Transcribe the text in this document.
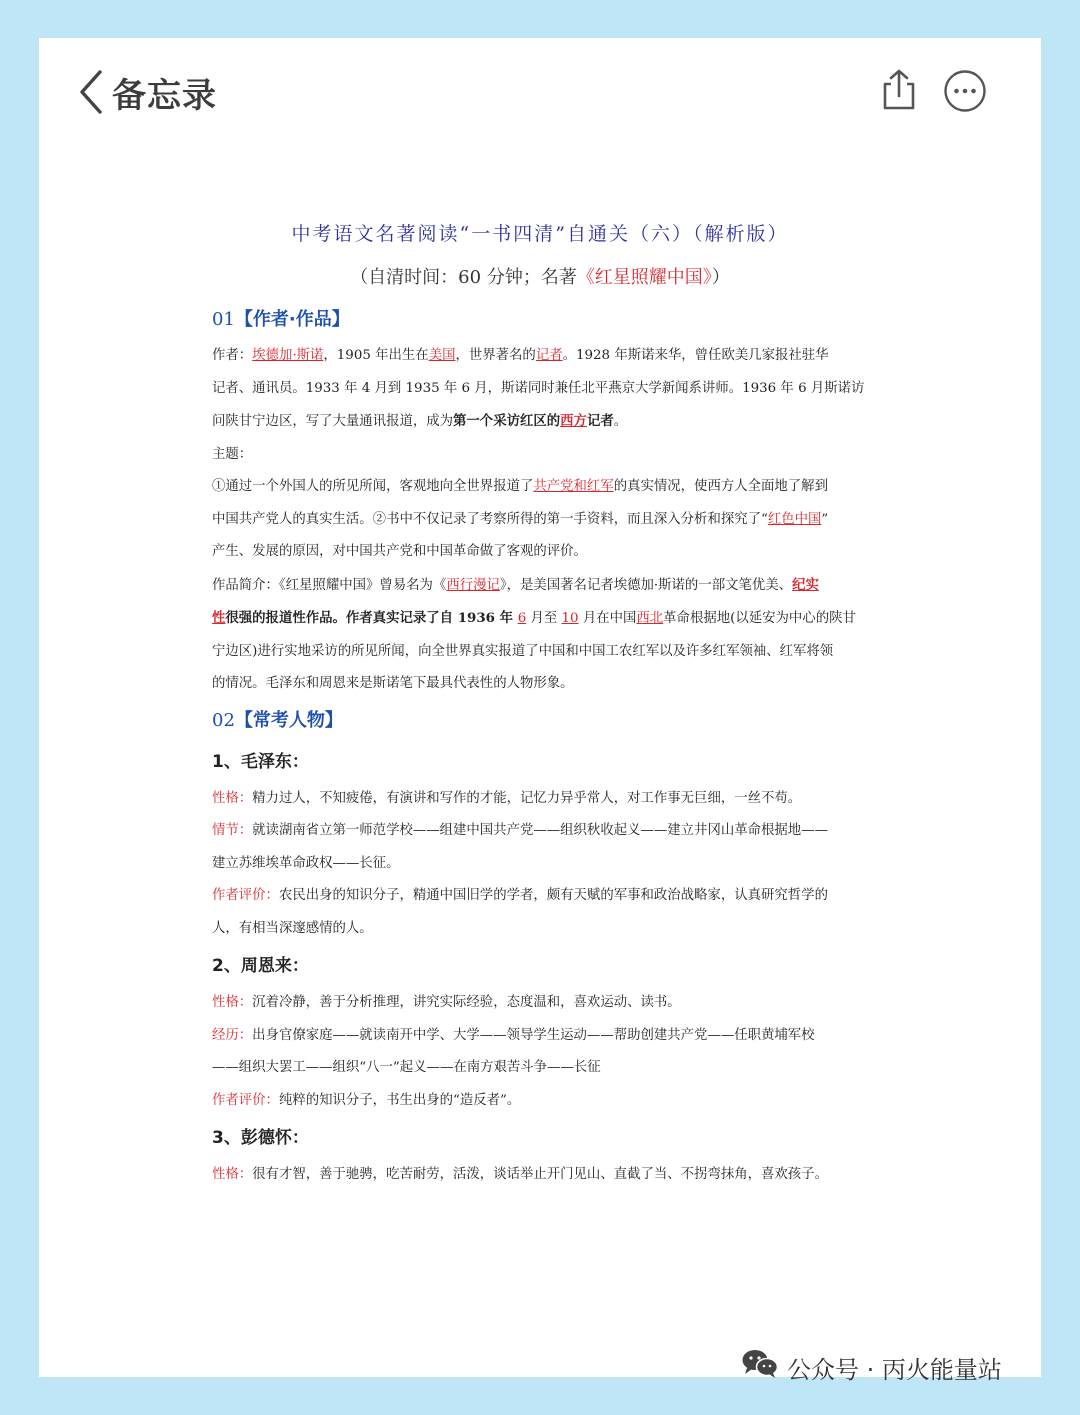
备忘录
中考语文名著阅读“一书四清”自通关（六）（解析版）
（自清时间：60 分钟；名著《红星照耀中国》）
01【作者·作品】

作者：埃德加·斯诺，1905 年出生在美国，世界著名的记者。1928 年斯诺来华，曾任欧美几家报社驻华

记者、通讯员。1933 年 4 月到 1935 年 6 月，斯诺同时兼任北平燕京大学新闻系讲师。1936 年 6 月斯诺访

问陕甘宁边区，写了大量通讯报道，成为第一个采访红区的西方记者。

主题：

①通过一个外国人的所见所闻，客观地向全世界报道了共产党和红军的真实情况，使西方人全面地了解到

中国共产党人的真实生活。②书中不仅记录了考察所得的第一手资料，而且深入分析和探究了“红色中国”

产生、发展的原因，对中国共产党和中国革命做了客观的评价。

作品简介：《红星照耀中国》曾易名为《西行漫记》，是美国著名记者埃德加·斯诺的一部文笔优美、纪实

性很强的报道性作品。作者真实记录了自 1936 年 6 月至 10 月在中国西北革命根据地(以延安为中心的陕甘

宁边区)进行实地采访的所见所闻，向全世界真实报道了中国和中国工农红军以及许多红军领袖、红军将领

的情况。毛泽东和周恩来是斯诺笔下最具代表性的人物形象。

02【常考人物】
1、毛泽东：

性格：精力过人，不知疲倦，有演讲和写作的才能，记忆力异乎常人，对工作事无巨细，一丝不苟。

情节：就读湖南省立第一师范学校——组建中国共产党——组织秋收起义——建立井冈山革命根据地——

建立苏维埃革命政权——长征。

作者评价：农民出身的知识分子，精通中国旧学的学者，颇有天赋的军事和政治战略家，认真研究哲学的

人，有相当深邃感情的人。

2、周恩来：

性格：沉着冷静，善于分析推理，讲究实际经验，态度温和，喜欢运动、读书。

经历：出身官僚家庭——就读南开中学、大学——领导学生运动——帮助创建共产党——任职黄埔军校

——组织大罢工——组织“八一”起义——在南方艰苦斗争——长征

作者评价：纯粹的知识分子，书生出身的“造反者”。

3、彭德怀：

性格：很有才智，善于驰骋，吃苦耐劳，活泼，谈话举止开门见山、直截了当、不拐弯抹角，喜欢孩子。

公众号 · 丙火能量站
